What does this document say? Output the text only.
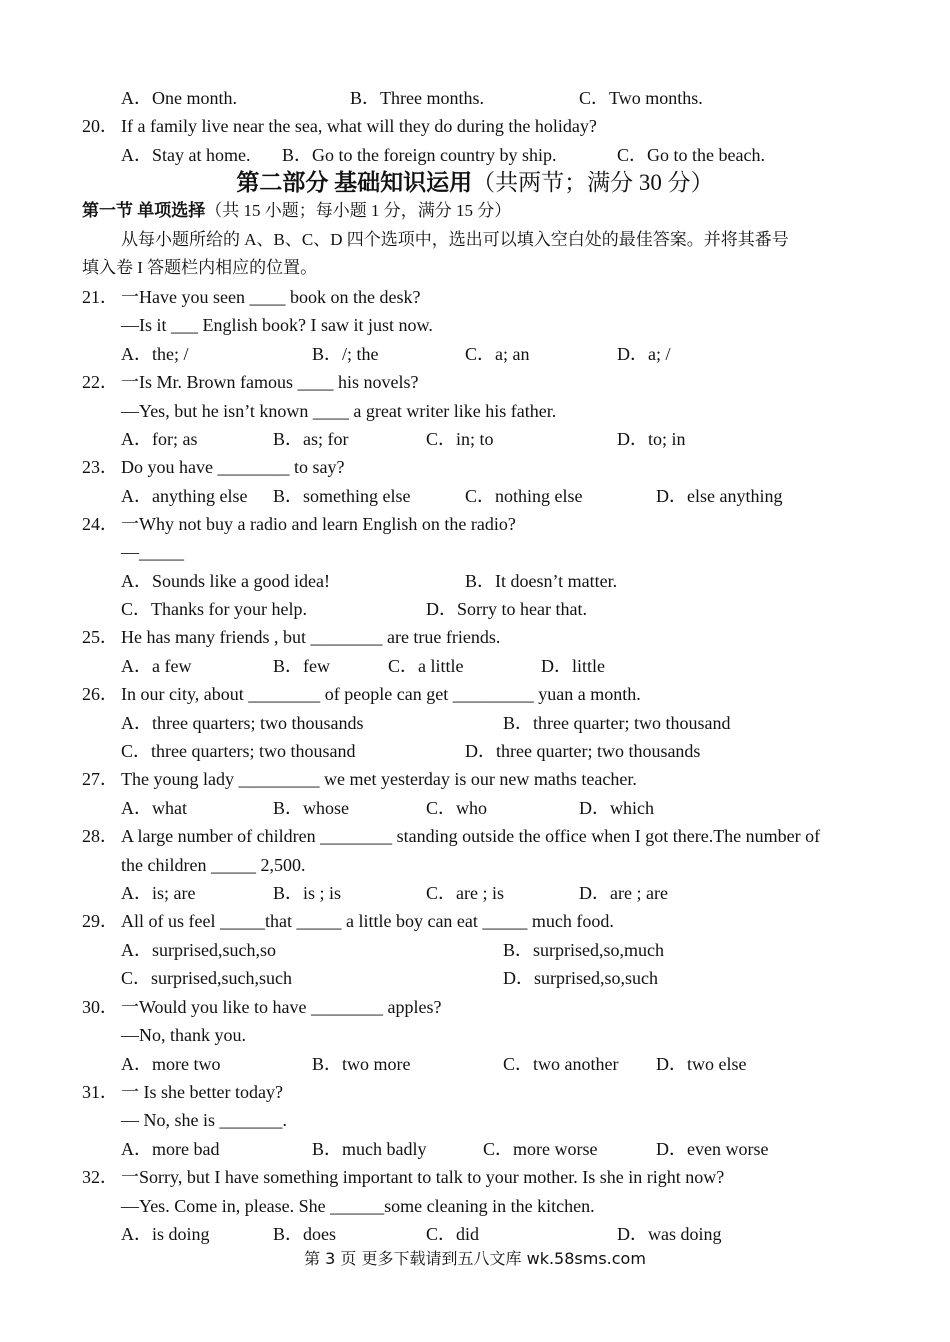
A．One month.	B．Three months.	C．Two months.
20． If a family live near the sea, what will they do during the holiday?
A．Stay at home. B．Go to the foreign country by ship.	C．Go to the beach.
第二部分 基础知识运用（共两节；满分 30 分）
第一节 单项选择（共 15 小题；每小题 1 分，满分 15 分）
从每小题所给的 A、B、C、D 四个选项中，选出可以填入空白处的最佳答案。并将其番号
填入卷 I 答题栏内相应的位置。
21． 一Have you seen ____ book on the desk?
—Is it ___ English book? I saw it just now.
A．the; /	B．/; the	C．a; an	D．a; /
22． 一Is Mr. Brown famous ____ his novels?
—Yes, but he isn’t known ____ a great writer like his father.
A．for; as	B．as; for	C．in; to	D．to; in
23． Do you have ________ to say?
A．anything else B．something else	C．nothing else	D．else anything
24． 一Why not buy a radio and learn English on the radio?
—_____
A．Sounds like a good idea!	B．It doesn’t matter.
C．Thanks for your help.	D．Sorry to hear that.
25． He has many friends , but ________ are true friends.
A．a few	B．few	C．a little	D．little
26． In our city, about ________ of people can get _________ yuan a month.
A．three quarters; two thousands	B．three quarter; two thousand
C．three quarters; two thousand	D．three quarter; two thousands
27． The young lady _________ we met yesterday is our new maths teacher.
A．what	B．whose	C．who	D．which
28． A large number of children ________ standing outside the office when I got there.The number of
the children _____ 2,500.
A．is; are	B．is ; is	C．are ; is	D．are ; are
29． All of us feel _____that _____ a little boy can eat _____ much food.
A．surprised,such,so	B．surprised,so,much
C．surprised,such,such	D．surprised,so,such
30． 一Would you like to have ________ apples?
—No, thank you.
A．more two	B．two more	C．two another D．two else
31． 一 Is she better today?
— No, she is _______.
A．more bad	B．much badly	C．more worse	D．even worse
32． 一Sorry, but I have something important to talk to your mother. Is she in right now?
—Yes. Come in, please. She ______some cleaning in the kitchen.
A．is doing	B．does	C．did	D．was doing
第 3 页 更多下载请到五八文库 wk.58sms.com
